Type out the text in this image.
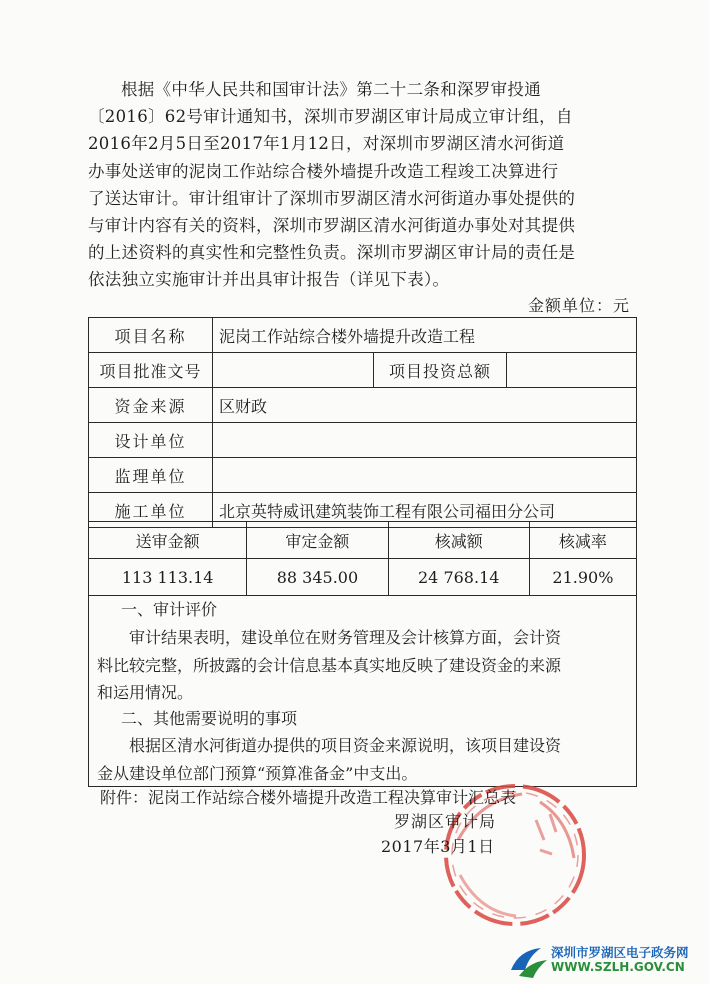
根据《中华人民共和国审计法》第二十二条和深罗审投通

〔2016〕62号审计通知书，深圳市罗湖区审计局成立审计组，自

2016年2月5日至2017年1月12日，对深圳市罗湖区清水河街道

办事处送审的泥岗工作站综合楼外墙提升改造工程竣工决算进行

了送达审计。审计组审计了深圳市罗湖区清水河街道办事处提供的

与审计内容有关的资料，深圳市罗湖区清水河街道办事处对其提供

的上述资料的真实性和完整性负责。深圳市罗湖区审计局的责任是

依法独立实施审计并出具审计报告（详见下表）。

金额单位：元
项目名称	泥岗工作站综合楼外墙提升改造工程		
项目批准文号		项目投资总额	
资金来源	区财政		
设计单位			
监理单位			
施工单位	北京英特威讯建筑装饰工程有限公司福田分公司		
送审金额	审定金额	核减额	核减率
113 113.14	88 345.00	24 768.14	21.90%
一、审计评价

　　审计结果表明，建设单位在财务管理及会计核算方面，会计资

料比较完整，所披露的会计信息基本真实地反映了建设资金的来源

和运用情况。

二、其他需要说明的事项

　　根据区清水河街道办提供的项目资金来源说明，该项目建设资

金从建设单位部门预算“预算准备金”中支出。

附件：泥岗工作站综合楼外墙提升改造工程决算审计汇总表
罗湖区审计局
2017年3月1日
深圳市罗湖区电子政务网
WWW.SZLH.GOV.CN
